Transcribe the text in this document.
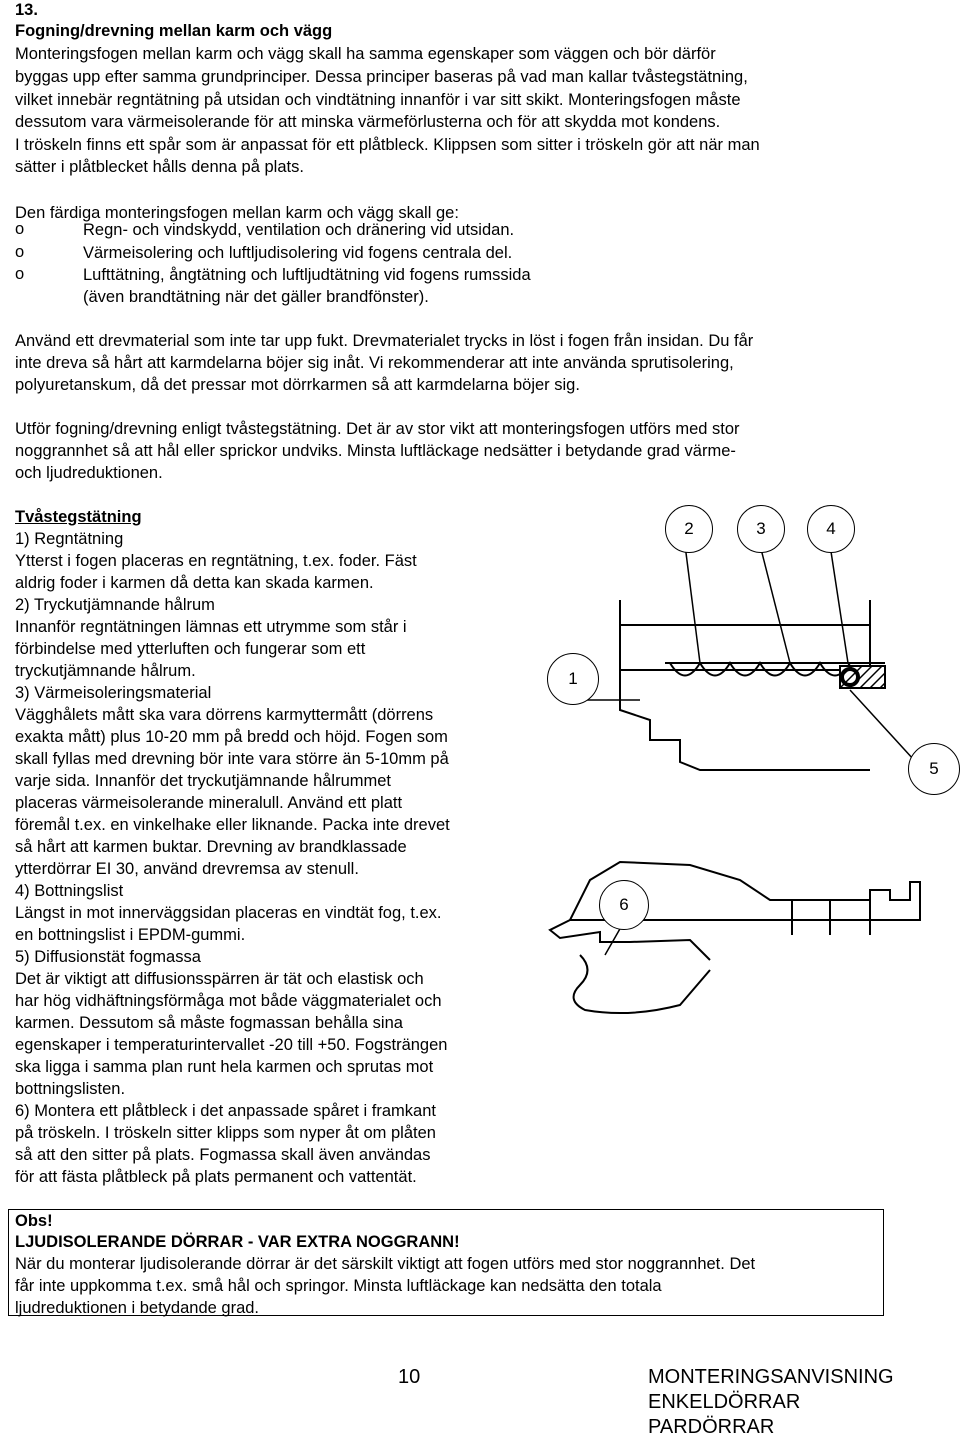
13.
Fogning/drevning mellan karm och vägg
Monteringsfogen mellan karm och vägg skall ha samma egenskaper som väggen och bör därför
byggas upp efter samma grundprinciper. Dessa principer baseras på vad man kallar tvåstegstätning,
vilket innebär regntätning på utsidan och vindtätning innanför i var sitt skikt. Monteringsfogen måste
dessutom vara värmeisolerande för att minska värmeförlusterna och för att skydda mot kondens.
I tröskeln finns ett spår som är anpassat för ett plåtbleck. Klippsen som sitter i tröskeln gör att när man
sätter i plåtblecket hålls denna på plats.
Den färdiga monteringsfogen mellan karm och vägg skall ge:
o	Regn- och vindskydd, ventilation och dränering vid utsidan.
o	Värmeisolering och luftljudisolering vid fogens centrala del.
o	Lufttätning, ångtätning och luftljudtätning vid fogens rumssida
(även brandtätning när det gäller brandfönster).
Använd ett drevmaterial som inte tar upp fukt. Drevmaterialet trycks in löst i fogen från insidan. Du får
inte dreva så hårt att karmdelarna böjer sig inåt. Vi rekommenderar att inte använda sprutisolering,
polyuretanskum, då det pressar mot dörrkarmen så att karmdelarna böjer sig.
Utför fogning/drevning enligt tvåstegstätning. Det är av stor vikt att monteringsfogen utförs med stor
noggrannhet så att hål eller sprickor undviks. Minsta luftläckage nedsätter i betydande grad värme-
och ljudreduktionen.
Tvåstegstätning
1) Regntätning
Ytterst i fogen placeras en regntätning, t.ex. foder. Fäst
aldrig foder i karmen då detta kan skada karmen.
2) Tryckutjämnande hålrum
Innanför regntätningen lämnas ett utrymme som står i
förbindelse med ytterluften och fungerar som ett
tryckutjämnande hålrum.
3) Värmeisoleringsmaterial
Vägghålets mått ska vara dörrens karmyttermått (dörrens
exakta mått) plus 10-20 mm på bredd och höjd. Fogen som
skall fyllas med drevning bör inte vara större än 5-10mm på
varje sida. Innanför det tryckutjämnande hålrummet
placeras värmeisolerande mineralull. Använd ett platt
föremål t.ex. en vinkelhake eller liknande. Packa inte drevet
så hårt att karmen buktar. Drevning av brandklassade
ytterdörrar EI 30, använd drevremsa av stenull.
4) Bottningslist
Längst in mot innerväggsidan placeras en vindtät fog, t.ex.
en bottningslist i EPDM-gummi.
5) Diffusionstät fogmassa
Det är viktigt att diffusionsspärren är tät och elastisk och
har hög vidhäftningsförmåga mot både väggmaterialet och
karmen. Dessutom så måste fogmassan behålla sina
egenskaper i temperaturintervallet -20 till +50. Fogsträngen
ska ligga i samma plan runt hela karmen och sprutas mot
bottningslisten.
6) Montera ett plåtbleck i det anpassade spåret i framkant
på tröskeln. I tröskeln sitter klipps som nyper åt om plåten
så att den sitter på plats. Fogmassa skall även användas
för att fästa plåtbleck på plats permanent och vattentät.
2	3	4
1
5
6
Obs!
LJUDISOLERANDE DÖRRAR - VAR EXTRA NOGGRANN!
När du monterar ljudisolerande dörrar är det särskilt viktigt att fogen utförs med stor noggrannhet. Det
får inte uppkomma t.ex. små hål och springor. Minsta luftläckage kan nedsätta den totala
ljudreduktionen i betydande grad.
10	MONTERINGSANVISNING
ENKELDÖRRAR
PARDÖRRAR
